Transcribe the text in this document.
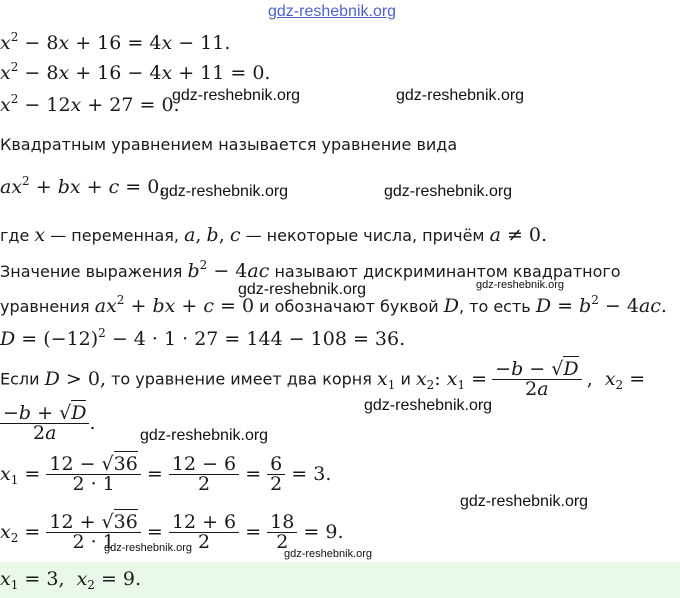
gdz-reshebnik.org
gdz-reshebnik.org	gdz-reshebnik.org
gdz-reshebnik.org	gdz-reshebnik.org
gdz-reshebnik.org	gdz-reshebnik.org
gdz-reshebnik.org
gdz-reshebnik.org
gdz-reshebnik.org
gdz-reshebnik.org	gdz-reshebnik.org
$x^2 - 8x + 16 = 4x - 11$.
$x^2 - 8x + 16 - 4x + 11 = 0$.
$x^2 - 12x + 27 = 0$.
Квадратным уравнением называется уравнение вида
$ax^2$ + bx + c = 0,
где x — переменная, a, b, c — некоторые числа, причём a ≠ 0.
Значение выражения $b^2 - 4ac$ называют дискриминантом квадратного
уравнения $ax^2$ + bx + c = 0 и обозначают буквой D, то есть $D = b^2 - 4ac$.
$D = (-12)^2 - 4 \cdot 1 \cdot 27 = 144 - 108 = 36$.
Если D > 0, то уравнение имеет два корня $x_1$ и $x_2$: $x_1 = \frac{-b - √D}{2a}$ ,  $x_2$ =
$\frac{-b + √D}{2a}$ .
$x_1 = \frac{12 - √36}{2 \cdot 1} = \frac{12 - 6}{2} = \frac{6}{2} = 3$.
$x_2 = \frac{12 + √36}{2 \cdot 1} = \frac{12 + 6}{2} = \frac{18}{2} = 9$.
$x_1 = 3$,  $x_2 = 9$.
